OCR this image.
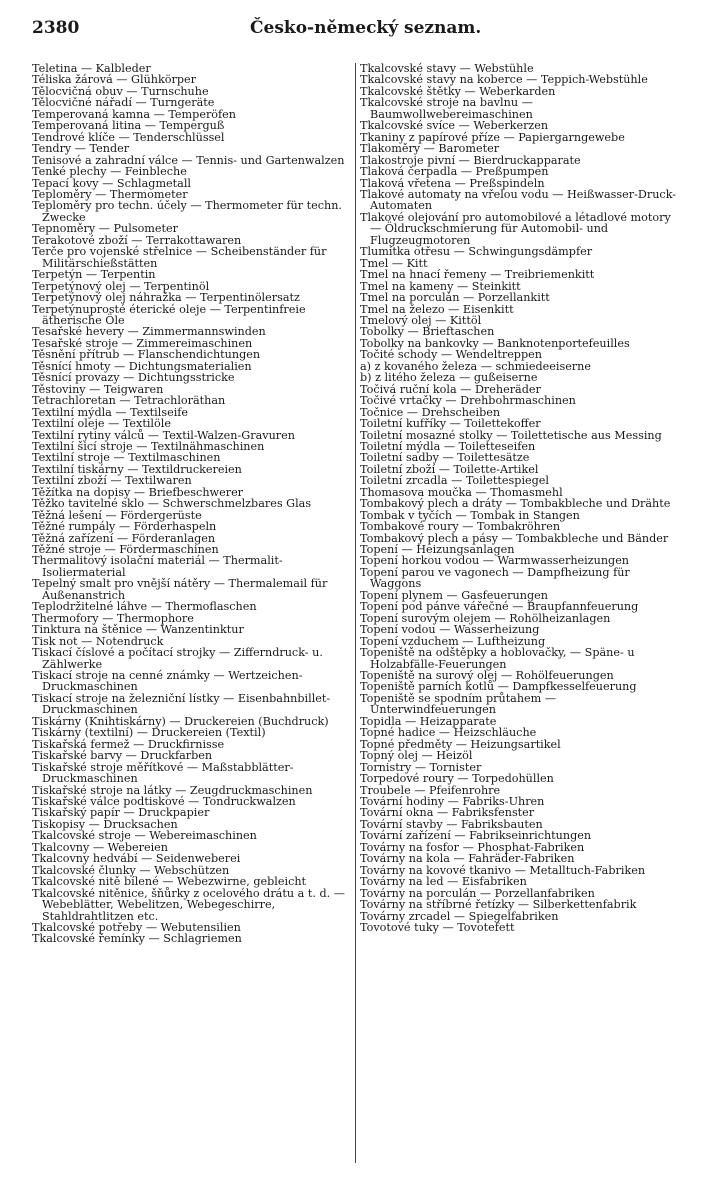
2380	Česko-německý seznam.
Teletina — Kalbleder
Téliska žárová — Glühkörper
Tělocvičná obuv — Turnschuhe
Tělocvičné nářadí — Turngeräte
Temperovaná kamna — Temperöfen
Temperovaná litina — Temperguß
Tendrové klíče — Tenderschlüssel
Tendry — Tender
Tenisové a zahradní válce — Tennis- und Gartenwalzen
Tenké plechy — Feinbleche
Tepací kovy — Schlagmetall
Teploměry — Thermometer
Teploměry pro techn. účely — Thermometer für techn. Zwecke
Tepnoměry — Pulsometer
Terakotové zboží — Terrakottawaren
Terče pro vojenské střelnice — Scheibenständer für Militärschießstätten
Terpetýn — Terpentin
Terpetýnový olej — Terpentinöl
Terpetýnový olej náhražka — Terpentinölersatz
Terpetýnuprosté éterické oleje — Terpentinfreie ätherische Öle
Tesařské hevery — Zimmermannswinden
Tesařské stroje — Zimmereimaschinen
Těsnění přítrub — Flanschendichtungen
Těsnící hmoty — Dichtungsmaterialien
Těsnící provazy — Dichtungsstricke
Těstoviny — Teigwaren
Tetrachloretan — Tetrachloräthan
Textilní mýdla — Textilseife
Textilní oleje — Textilöle
Textilní rytiny válců — Textil-Walzen-Gravuren
Textilní šicí stroje — Textilnähmaschinen
Textilní stroje — Textilmaschinen
Textilní tiskárny — Textildruckereien
Textilní zboží — Textilwaren
Těžítka na dopisy — Briefbeschwerer
Těžko tavitelné sklo — Schwerschmelzbares Glas
Těžná lešení — Fördergerüste
Těžné rumpály — Förderhaspeln
Těžná zařízení — Förderanlagen
Těžné stroje — Fördermaschinen
Thermalitový isolační materiál — Thermalit-Isoliermaterial
Tepelný smalt pro vnější nátěry — Thermalemail für Außenanstrich
Teplodržitelné láhve — Thermoflaschen
Thermofory — Thermophore
Tinktura na štěnice — Wanzentinktur
Tisk not — Notendruck
Tiskací číslové a počítací strojky — Zifferndruck- u. Zählwerke
Tiskací stroje na cenné známky — Wertzeichen-Druckmaschinen
Tiskací stroje na železniční lístky — Eisenbahnbillet-Druckmaschinen
Tiskárny (Knihtiskárny) — Druckereien (Buchdruck)
Tiskárny (textilní) — Druckereien (Textil)
Tiskařská fermež — Druckfirnisse
Tiskařské barvy — Druckfarben
Tiskařské stroje měřítkové — Maßstabblätter-Druckmaschinen
Tiskařské stroje na látky — Zeugdruckmaschinen
Tiskařské válce podtiskové — Tondruckwalzen
Tiskařský papír — Druckpapier
Tiskopisy — Drucksachen
Tkalcovské stroje — Webereimaschinen
Tkalcovny — Webereien
Tkalcovny hedvábí — Seidenweberei
Tkalcovské člunky — Webschützen
Tkalcovské nitě bílené — Webezwirne, gebleicht
Tkalcovské nitěnice, šňůrky z ocelového drátu a t. d. — Webeblätter, Webelitzen, Webegeschirre, Stahldrahtlitzen etc.
Tkalcovské potřeby — Webutensilien
Tkalcovské řemínky — Schlagriemen
Tkalcovské stavy — Webstühle
Tkalcovské stavy na koberce — Teppich-Webstühle
Tkalcovské štětky — Weberkarden
Tkalcovské stroje na bavlnu — Baumwollwebereimaschinen
Tkalcovské svíce — Weberkerzen
Tkaniny z papírové příze — Papiergarngewebe
Tlakoměry — Barometer
Tlakostroje pivní — Bierdruckapparate
Tlaková čerpadla — Preßpumpen
Tlaková vřetena — Preßspindeln
Tlakové automaty na vřelou vodu — Heißwasser-Druck-Automaten
Tlakové olejování pro automobilové a létadlové motory — Öldruckschmierung für Automobil- und Flugzeugmotoren
Tlumítka otřesu — Schwingungsdämpfer
Tmel — Kitt
Tmel na hnací řemeny — Treibriemenkitt
Tmel na kameny — Steinkitt
Tmel na porculán — Porzellankitt
Tmel na železo — Eisenkitt
Tmelový olej — Kittöl
Tobolky — Brieftaschen
Tobolky na bankovky — Banknotenportefeuilles
Točité schody — Wendeltreppen
a) z kovaného železa — schmiedeeiserne
b) z litého železa — gußeiserne
Točivá ruční kola — Dreheräder
Točivé vrtačky — Drehbohrmaschinen
Točnice — Drehscheiben
Toiletní kufříky — Toilettekoffer
Toiletní mosazné stolky — Toilettetische aus Messing
Toiletní mýdla — Toiletteseifen
Toiletní sadby — Toilettesätze
Toiletní zboží — Toilette-Artikel
Toiletní zrcadla — Toilettespiegel
Thomasova moučka — Thomasmehl
Tombakový plech a dráty — Tombakbleche und Drähte
Tombak v tyčích — Tombak in Stangen
Tombakové roury — Tombakröhren
Tombakový plech a pásy — Tombakbleche und Bänder
Topení — Heizungsanlagen
Topení horkou vodou — Warmwasserheizungen
Topení parou ve vagonech — Dampfheizung für Waggons
Topení plynem — Gasfeuerungen
Topení pod pánve vářečné — Braupfannfeuerung
Topení surovým olejem — Rohölheizanlagen
Topení vodou — Wasserheizung
Topení vzduchem — Luftheizung
Topeniště na odštěpky a hoblovačky, — Späne- u Holzabfälle-Feuerungen
Topeniště na surový olej — Rohölfeuerungen
Topeniště parních kotlů — Dampfkesselfeuerung
Topeniště se spodním průtahem — Unterwindfeuerungen
Topidla — Heizapparate
Topné hadice — Heizschläuche
Topné předměty — Heizungsartikel
Topný olej — Heizöl
Tornistry — Tornister
Torpedové roury — Torpedohüllen
Troubele — Pfeifenrohre
Tovární hodiny — Fabriks-Uhren
Tovární okna — Fabriksfenster
Tovární stavby — Fabriksbauten
Tovární zařízení — Fabrikseinrichtungen
Továrny na fosfor — Phosphat-Fabriken
Továrny na kola — Fahräder-Fabriken
Továrny na kovové tkanivo — Metalltuch-Fabriken
Továrny na led — Eisfabriken
Továrny na porculán — Porzellanfabriken
Továrny na stříbrné řetízky — Silberkettenfabrik
Továrny zrcadel — Spiegelfabriken
Tovotové tuky — Tovotefett
